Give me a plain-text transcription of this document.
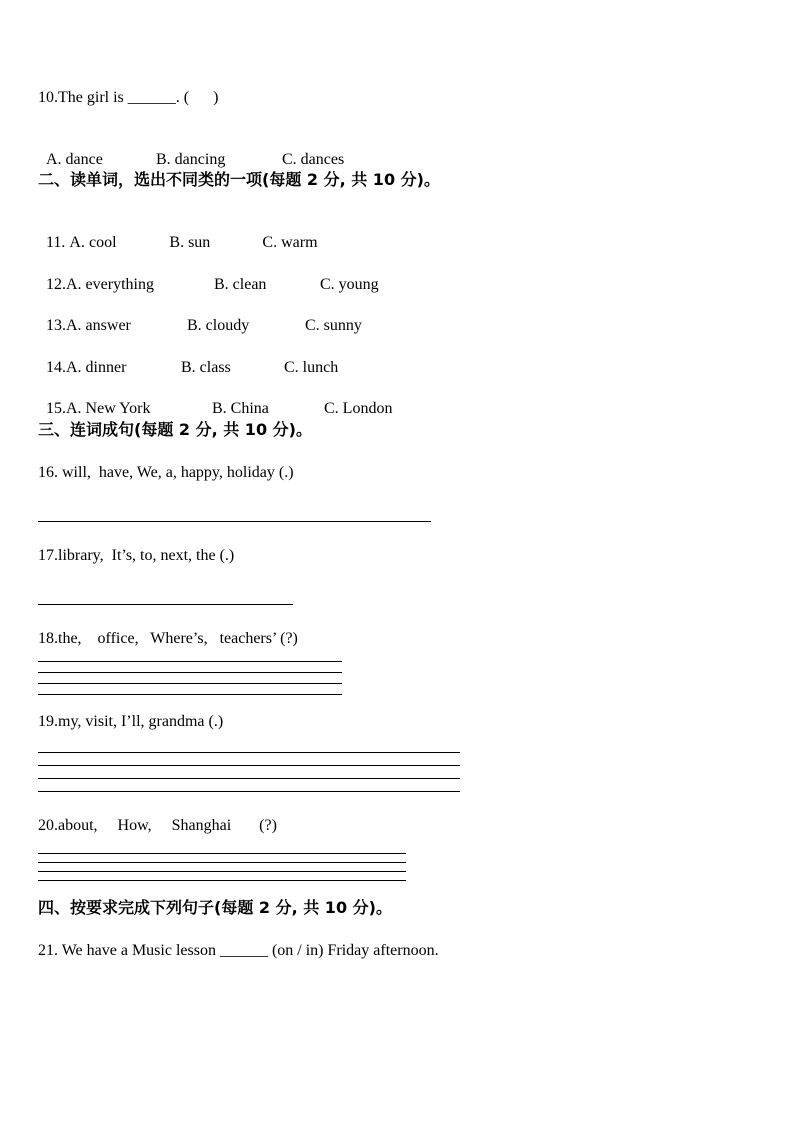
10.The girl is ______. (      )

A. dance	B. dancing	C. dances

二、读单词，选出不同类的一项(每题 2 分, 共 10 分)。

11. A. cool	B. sun	C. warm

12.A. everything	B. clean	C. young

13.A. answer	B. cloudy	C. sunny

14.A. dinner	B. class	C. lunch

15.A. New York	B. China	C. London

三、连词成句(每题 2 分, 共 10 分)。
16. will,  have, We, a, happy, holiday (.)
17.library,  It’s, to, next, the (.)
18.the,    office,   Where’s,   teachers’ (?)
19.my, visit, I’ll, grandma (.)
20.about,     How,     Shanghai       (?)
四、按要求完成下列句子(每题 2 分, 共 10 分)。
21. We have a Music lesson ______ (on / in) Friday afternoon.
